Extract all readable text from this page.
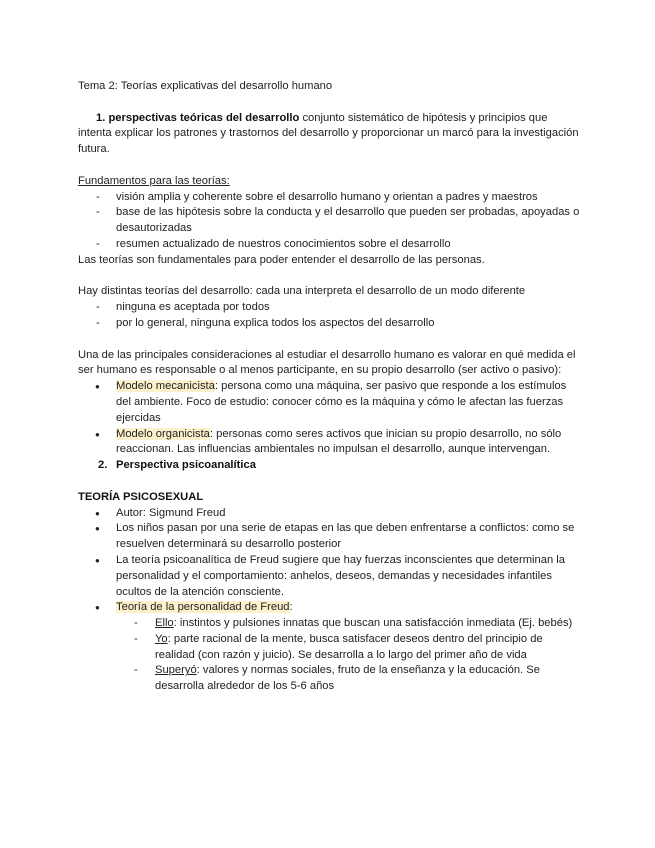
Tema 2: Teorías explicativas del desarrollo humano

1. perspectivas teóricas del desarrollo conjunto sistemático de hipótesis y principios que intenta explicar los patrones y trastornos del desarrollo y proporcionar un marcó para la investigación futura.

Fundamentos para las teorías:

- visión amplia y coherente sobre el desarrollo humano y orientan a padres y maestros
- base de las hipótesis sobre la conducta y el desarrollo que pueden ser probadas, apoyadas o desautorizadas
- resumen actualizado de nuestros conocimientos sobre el desarrollo

Las teorías son fundamentales para poder entender el desarrollo de las personas.

Hay distintas teorías del desarrollo: cada una interpreta el desarrollo de un modo diferente

- ninguna es aceptada por todos
- por lo general, ninguna explica todos los aspectos del desarrollo

Una de las principales consideraciones al estudiar el desarrollo humano es valorar en qué medida el ser humano es responsable o al menos participante, en su propio desarrollo (ser activo o pasivo):

● Modelo mecanicista: persona como una máquina, ser pasivo que responde a los estímulos del ambiente. Foco de estudio: conocer cómo es la máquina y cómo le afectan las fuerzas ejercidas
● Modelo organicista: personas como seres activos que inician su propio desarrollo, no sólo reaccionan. Las influencias ambientales no impulsan el desarrollo, aunque intervengan.

2. Perspectiva psicoanalítica

TEORÍA PSICOSEXUAL

● Autor: Sigmund Freud
● Los niños pasan por una serie de etapas en las que deben enfrentarse a conflictos: como se resuelven determinará su desarrollo posterior
● La teoría psicoanalítica de Freud sugiere que hay fuerzas inconscientes que determinan la personalidad y el comportamiento: anhelos, deseos, demandas y necesidades infantiles ocultos de la atención consciente.
● Teoría de la personalidad de Freud:
- Ello: instintos y pulsiones innatas que buscan una satisfacción inmediata (Ej. bebés)
- Yo: parte racional de la mente, busca satisfacer deseos dentro del principio de realidad (con razón y juicio). Se desarrolla a lo largo del primer año de vida
- Superyó: valores y normas sociales, fruto de la enseñanza y la educación. Se desarrolla alrededor de los 5-6 años
